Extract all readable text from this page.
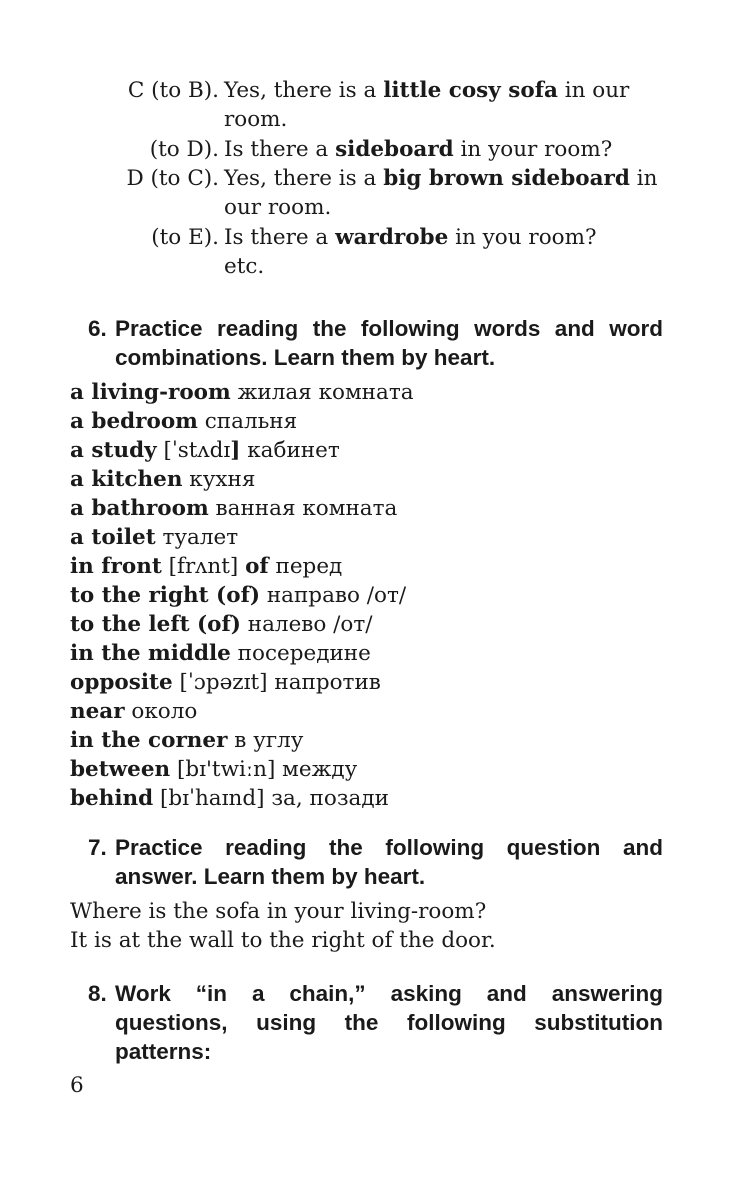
C (to B). Yes, there is a little cosy sofa in our
room.
(to D). Is there a sideboard in your room?
D (to C). Yes, there is a big brown sideboard in
our room.
(to E). Is there a wardrobe in you room?
etc.
6. Practice reading the following words and word
combinations. Learn them by heart.
a living-room жилая комната
a bedroom спальня
a study [ˈstʌdɪ] кабинет
a kitchen кухня
a bathroom ванная комната
a toilet туалет
in front [frʌnt] of перед
to the right (of) направо /от/
to the left (of) налево /от/
in the middle посередине
opposite [ˈɔpəzɪt] напротив
near около
in the corner в углу
between [bɪ'twiːn] между
behind [bɪˈhaɪnd] за, позади
7. Practice reading the following question and
answer. Learn them by heart.
Where is the sofa in your living-room?
It is at the wall to the right of the door.
8. Work “in a chain,” asking and answering
questions, using the following substitution
patterns:
6
